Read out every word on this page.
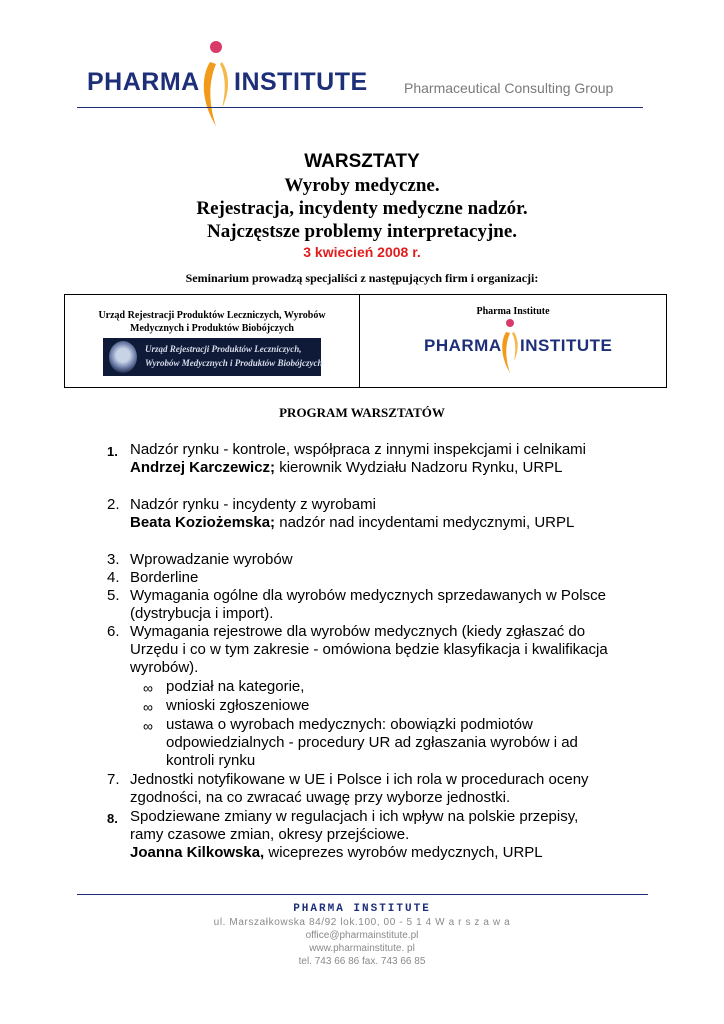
PHARMA INSTITUTE	Pharmaceutical Consulting Group
WARSZTATY
Wyroby medyczne.
Rejestracja, incydenty medyczne nadzór.
Najczęstsze problemy interpretacyjne.
3 kwiecień 2008 r.
Seminarium prowadzą specjaliści z następujących firm i organizacji:
Urząd Rejestracji Produktów Leczniczych, Wyrobów
Medycznych i Produktów Biobójczych
Urząd Rejestracji Produktów Leczniczych,
Wyrobów Medycznych i Produktów Biobójczych
Pharma Institute
PHARMA INSTITUTE
PROGRAM WARSZTATÓW
1. Nadzór rynku - kontrole, współpraca z innymi inspekcjami i celnikami
Andrzej Karczewicz; kierownik Wydziału Nadzoru Rynku, URPL
2. Nadzór rynku - incydenty z wyrobami
Beata Koziożemska; nadzór nad incydentami medycznymi, URPL
3. Wprowadzanie wyrobów
4. Borderline
5. Wymagania ogólne dla wyrobów medycznych sprzedawanych w Polsce
(dystrybucja i import).
6. Wymagania rejestrowe dla wyrobów medycznych (kiedy zgłaszać do
Urzędu i co w tym zakresie - omówiona będzie klasyfikacja i kwalifikacja
wyrobów).
∞ podział na kategorie,
∞ wnioski zgłoszeniowe
∞ ustawa o wyrobach medycznych: obowiązki podmiotów
odpowiedzialnych - procedury UR ad zgłaszania wyrobów i ad
kontroli rynku
7. Jednostki notyfikowane w UE i Polsce i ich rola w procedurach oceny
zgodności, na co zwracać uwagę przy wyborze jednostki.
8. Spodziewane zmiany w regulacjach i ich wpływ na polskie przepisy,
ramy czasowe zmian, okresy przejściowe.
Joanna Kilkowska, wiceprezes wyrobów medycznych, URPL
PHARMA INSTITUTE
ul. Marszałkowska 84/92 lok.100, 00 - 5 1 4 W a r s z a w a
office@pharmainstitute.pl
www.pharmainstitute. pl
tel. 743 66 86 fax. 743 66 85
